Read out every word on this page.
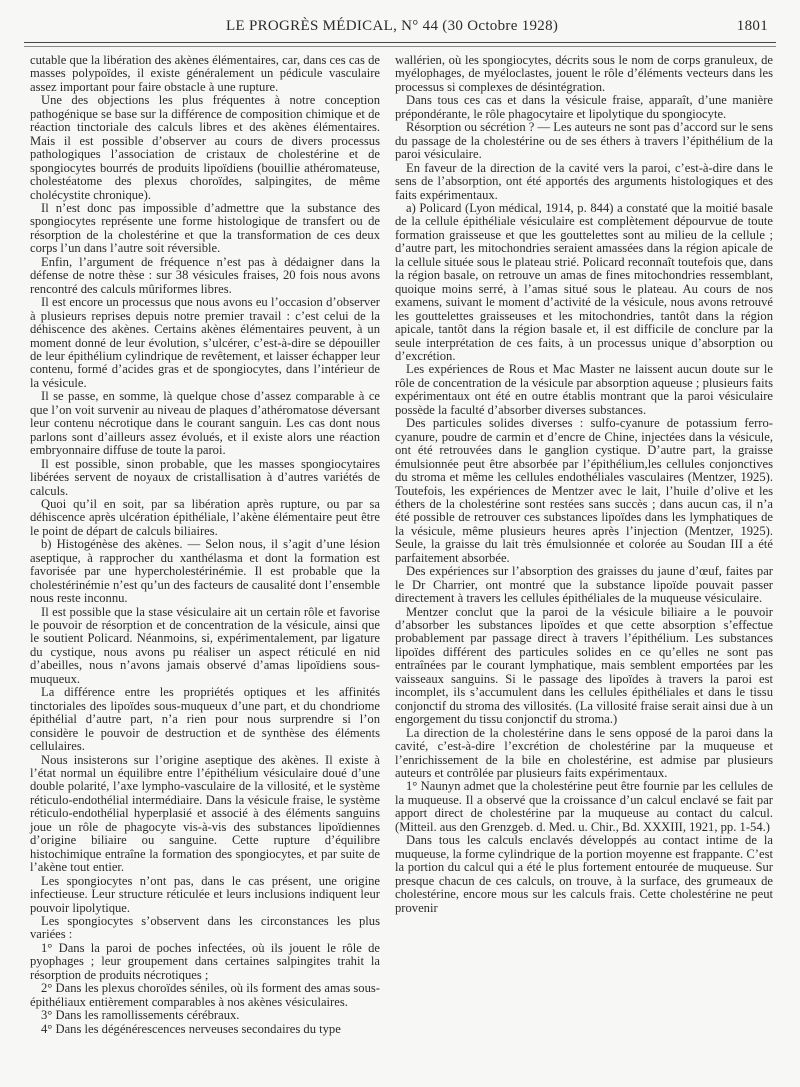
LE PROGRÈS MÉDICAL, N° 44 (30 Octobre 1928)	1801

cutable que la libération des akènes élémentaires, car, dans ces cas de masses polypoïdes, il existe généralement un pédicule vasculaire assez important pour faire obstacle à une rupture.

Une des objections les plus fréquentes à notre conception pathogénique se base sur la différence de composition chimique et de réaction tinctoriale des calculs libres et des akènes élémentaires. Mais il est possible d’observer au cours de divers processus pathologiques l’association de cristaux de cholestérine et de spongiocytes bourrés de produits lipoïdiens (bouillie athéromateuse, cholestéatome des plexus choroïdes, salpingites, de même cholécystite chronique).

Il n’est donc pas impossible d’admettre que la substance des spongiocytes représente une forme histologique de transfert ou de résorption de la cholestérine et que la transformation de ces deux corps l’un dans l’autre soit réversible.

Enfin, l’argument de fréquence n’est pas à dédaigner dans la défense de notre thèse : sur 38 vésicules fraises, 20 fois nous avons rencontré des calculs mûriformes libres.

Il est encore un processus que nous avons eu l’occasion d’observer à plusieurs reprises depuis notre premier travail : c’est celui de la déhiscence des akènes. Certains akènes élémentaires peuvent, à un moment donné de leur évolution, s’ulcérer, c’est-à-dire se dépouiller de leur épithélium cylindrique de revêtement, et laisser échapper leur contenu, formé d’acides gras et de spongiocytes, dans l’intérieur de la vésicule.

Il se passe, en somme, là quelque chose d’assez comparable à ce que l’on voit survenir au niveau de plaques d’athéromatose déversant leur contenu nécrotique dans le courant sanguin. Les cas dont nous parlons sont d’ailleurs assez évolués, et il existe alors une réaction embryonnaire diffuse de toute la paroi.

Il est possible, sinon probable, que les masses spongiocytaires libérées servent de noyaux de cristallisation à d’autres variétés de calculs.

Quoi qu’il en soit, par sa libération après rupture, ou par sa déhiscence après ulcération épithéliale, l’akène élémentaire peut être le point de départ de calculs biliaires.

b) Histogénèse des akènes. — Selon nous, il s’agit d’une lésion aseptique, à rapprocher du xanthélasma et dont la formation est favorisée par une hypercholestérinémie. Il est probable que la cholestérinémie n’est qu’un des facteurs de causalité dont l’ensemble nous reste inconnu.

Il est possible que la stase vésiculaire ait un certain rôle et favorise le pouvoir de résorption et de concentration de la vésicule, ainsi que le soutient Policard. Néanmoins, si, expérimentalement, par ligature du cystique, nous avons pu réaliser un aspect réticulé en nid d’abeilles, nous n’avons jamais observé d’amas lipoïdiens sous-muqueux.

La différence entre les propriétés optiques et les affinités tinctoriales des lipoïdes sous-muqueux d’une part, et du chondriome épithélial d’autre part, n’a rien pour nous surprendre si l’on considère le pouvoir de destruction et de synthèse des éléments cellulaires.

Nous insisterons sur l’origine aseptique des akènes. Il existe à l’état normal un équilibre entre l’épithélium vésiculaire doué d’une double polarité, l’axe lympho-vasculaire de la villosité, et le système réticulo-endothélial intermédiaire. Dans la vésicule fraise, le système réticulo-endothélial hyperplasié et associé à des éléments sanguins joue un rôle de phagocyte vis-à-vis des substances lipoïdiennes d’origine biliaire ou sanguine. Cette rupture d’équilibre histochimique entraîne la formation des spongiocytes, et par suite de l’akène tout entier.

Les spongiocytes n’ont pas, dans le cas présent, une origine infectieuse. Leur structure réticulée et leurs inclusions indiquent leur pouvoir lipolytique.

Les spongiocytes s’observent dans les circonstances les plus variées :

1° Dans la paroi de poches infectées, où ils jouent le rôle de pyophages ; leur groupement dans certaines salpingites trahit la résorption de produits nécrotiques ;

2° Dans les plexus choroïdes séniles, où ils forment des amas sous-épithéliaux entièrement comparables à nos akènes vésiculaires.

3° Dans les ramollissements cérébraux.

4° Dans les dégénérescences nerveuses secondaires du type

wallérien, où les spongiocytes, décrits sous le nom de corps granuleux, de myélophages, de myéloclastes, jouent le rôle d’éléments vecteurs dans les processus si complexes de désintégration.

Dans tous ces cas et dans la vésicule fraise, apparaît, d’une manière prépondérante, le rôle phagocytaire et lipolytique du spongiocyte.

Résorption ou sécrétion ? — Les auteurs ne sont pas d’accord sur le sens du passage de la cholestérine ou de ses éthers à travers l’épithélium de la paroi vésiculaire.

En faveur de la direction de la cavité vers la paroi, c’est-à-dire dans le sens de l’absorption, ont été apportés des arguments histologiques et des faits expérimentaux.

a) Policard (Lyon médical, 1914, p. 844) a constaté que la moitié basale de la cellule épithéliale vésiculaire est complètement dépourvue de toute formation graisseuse et que les gouttelettes sont au milieu de la cellule ; d’autre part, les mitochondries seraient amassées dans la région apicale de la cellule située sous le plateau strié. Policard reconnaît toutefois que, dans la région basale, on retrouve un amas de fines mitochondries ressemblant, quoique moins serré, à l’amas situé sous le plateau. Au cours de nos examens, suivant le moment d’activité de la vésicule, nous avons retrouvé les gouttelettes graisseuses et les mitochondries, tantôt dans la région apicale, tantôt dans la région basale et, il est difficile de conclure par la seule interprétation de ces faits, à un processus unique d’absorption ou d’excrétion.

Les expériences de Rous et Mac Master ne laissent aucun doute sur le rôle de concentration de la vésicule par absorption aqueuse ; plusieurs faits expérimentaux ont été en outre établis montrant que la paroi vésiculaire possède la faculté d’absorber diverses substances.

Des particules solides diverses : sulfo-cyanure de potassium ferro-cyanure, poudre de carmin et d’encre de Chine, injectées dans la vésicule, ont été retrouvées dans le ganglion cystique. D’autre part, la graisse émulsionnée peut être absorbée par l’épithélium,les cellules conjonctives du stroma et même les cellules endothéliales vasculaires (Mentzer, 1925). Toutefois, les expériences de Mentzer avec le lait, l’huile d’olive et les éthers de la cholestérine sont restées sans succès ; dans aucun cas, il n’a été possible de retrouver ces substances lipoïdes dans les lymphatiques de la vésicule, même plusieurs heures après l’injection (Mentzer, 1925). Seule, la graisse du lait très émulsionnée et colorée au Soudan III a été parfaitement absorbée.

Des expériences sur l’absorption des graisses du jaune d’œuf, faites par le Dr Charrier, ont montré que la substance lipoïde pouvait passer directement à travers les cellules épithéliales de la muqueuse vésiculaire.

Mentzer conclut que la paroi de la vésicule biliaire a le pouvoir d’absorber les substances lipoïdes et que cette absorption s’effectue probablement par passage direct à travers l’épithélium. Les substances lipoïdes différent des particules solides en ce qu’elles ne sont pas entraînées par le courant lymphatique, mais semblent emportées par les vaisseaux sanguins. Si le passage des lipoïdes à travers la paroi est incomplet, ils s’accumulent dans les cellules épithéliales et dans le tissu conjonctif du stroma des villosités. (La villosité fraise serait ainsi due à un engorgement du tissu conjonctif du stroma.)

La direction de la cholestérine dans le sens opposé de la paroi dans la cavité, c’est-à-dire l’excrétion de cholestérine par la muqueuse et l’enrichissement de la bile en cholestérine, est admise par plusieurs auteurs et contrôlée par plusieurs faits expérimentaux.

1° Naunyn admet que la cholestérine peut être fournie par les cellules de la muqueuse. Il a observé que la croissance d’un calcul enclavé se fait par apport direct de cholestérine par la muqueuse au contact du calcul. (Mitteil. aus den Grenzgeb. d. Med. u. Chir., Bd. XXXIII, 1921, pp. 1-54.)

Dans tous les calculs enclavés développés au contact intime de la muqueuse, la forme cylindrique de la portion moyenne est frappante. C’est la portion du calcul qui a été le plus fortement entourée de muqueuse. Sur presque chacun de ces calculs, on trouve, à la surface, des grumeaux de cholestérine, encore mous sur les calculs frais. Cette cholestérine ne peut provenir
